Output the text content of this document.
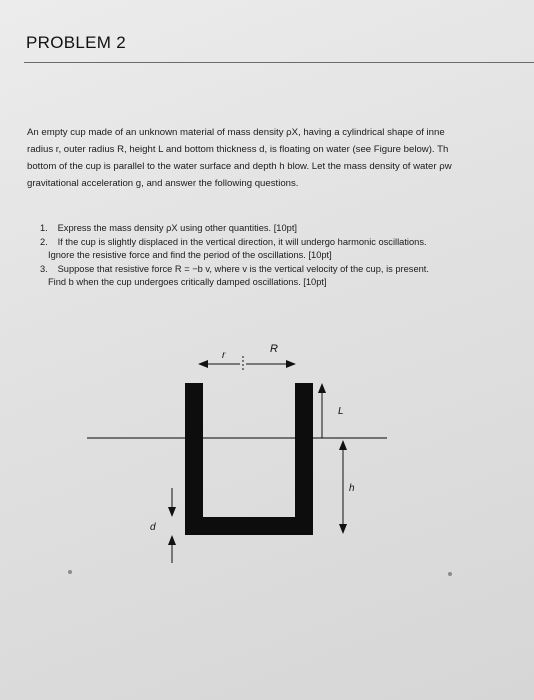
PROBLEM 2
An empty cup made of an unknown material of mass density ρX, having a cylindrical shape of inne
radius r, outer radius R, height L and bottom thickness d, is floating on water (see Figure below). Th
bottom of the cup is parallel to the water surface and depth h blow. Let the mass density of water ρw
gravitational acceleration g, and answer the following questions.
1. Express the mass density ρX using other quantities. [10pt]
2. If the cup is slightly displaced in the vertical direction, it will undergo harmonic oscillations.
Ignore the resistive force and find the period of the oscillations. [10pt]
3. Suppose that resistive force R = −b v, where v is the vertical velocity of the cup, is present.
Find b when the cup undergoes critically damped oscillations. [10pt]
r
R
L
h
d
